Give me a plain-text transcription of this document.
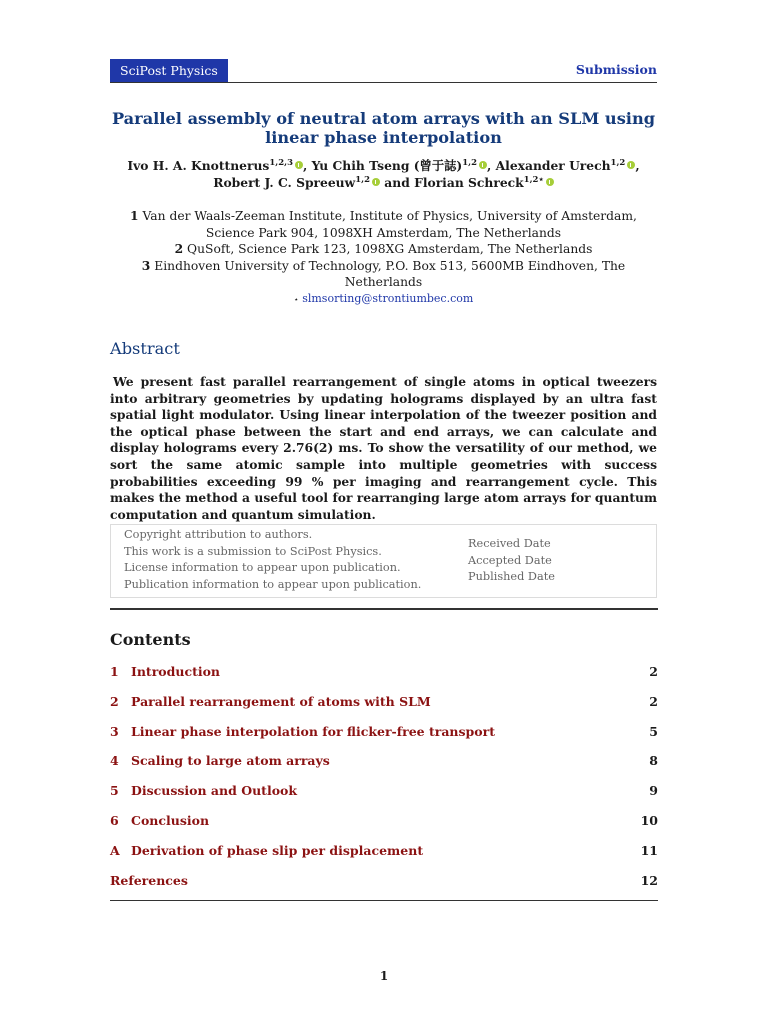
SciPost Physics	Submission
Parallel assembly of neutral atom arrays with an SLM using linear phase interpolation
Ivo H. A. Knottnerus$^{1,2,3}$ , Yu Chih Tseng (曾于誌)$^{1,2}$ , Alexander Urech$^{1,2}$ , Robert J. C. Spreeuw$^{1,2}$ and Florian Schreck$^{1,2⋆}$
1 Van der Waals-Zeeman Institute, Institute of Physics, University of Amsterdam, Science Park 904, 1098XH Amsterdam, The Netherlands
2 QuSoft, Science Park 123, 1098XG Amsterdam, The Netherlands
3 Eindhoven University of Technology, P.O. Box 513, 5600MB Eindhoven, The Netherlands
⋆ slmsorting@strontiumbec.com
Abstract
We present fast parallel rearrangement of single atoms in optical tweezers into arbitrary geometries by updating holograms displayed by an ultra fast spatial light modulator. Using linear interpolation of the tweezer position and the optical phase between the start and end arrays, we can calculate and display holograms every 2.76(2) ms. To show the versatility of our method, we sort the same atomic sample into multiple geometries with success probabilities exceeding 99 % per imaging and rearrangement cycle. This makes the method a useful tool for rearranging large atom arrays for quantum computation and quantum simulation.
Copyright attribution to authors.
This work is a submission to SciPost Physics.
License information to appear upon publication.
Publication information to appear upon publication.
Received Date
Accepted Date
Published Date
Contents
1 Introduction	2
2 Parallel rearrangement of atoms with SLM	2
3 Linear phase interpolation for flicker-free transport	5
4 Scaling to large atom arrays	8
5 Discussion and Outlook	9
6 Conclusion	10
A Derivation of phase slip per displacement	11
References	12
1
